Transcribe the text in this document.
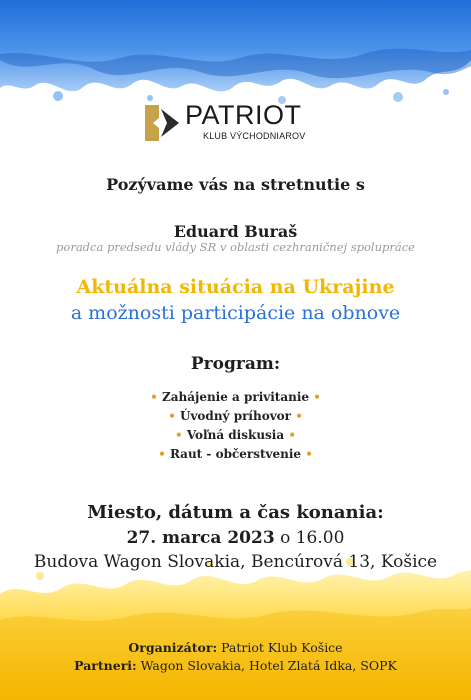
PATRIOT
KLUB VÝCHODNIAROV
Pozývame vás na stretnutie s
Eduard Buraš
poradca predsedu vlády SR v oblasti cezhraničnej spolupráce
Aktuálna situácia na Ukrajine
a možnosti participácie na obnove
Program:
• Zahájenie a privitanie •
• Úvodný príhovor •
• Voľná diskusia •
• Raut - občerstvenie •
Miesto, dátum a čas konania:
27. marca 2023 o 16.00
Budova Wagon Slovakia, Bencúrová 13, Košice
Organizátor: Patriot Klub Košice
Partneri: Wagon Slovakia, Hotel Zlatá Idka, SOPK
